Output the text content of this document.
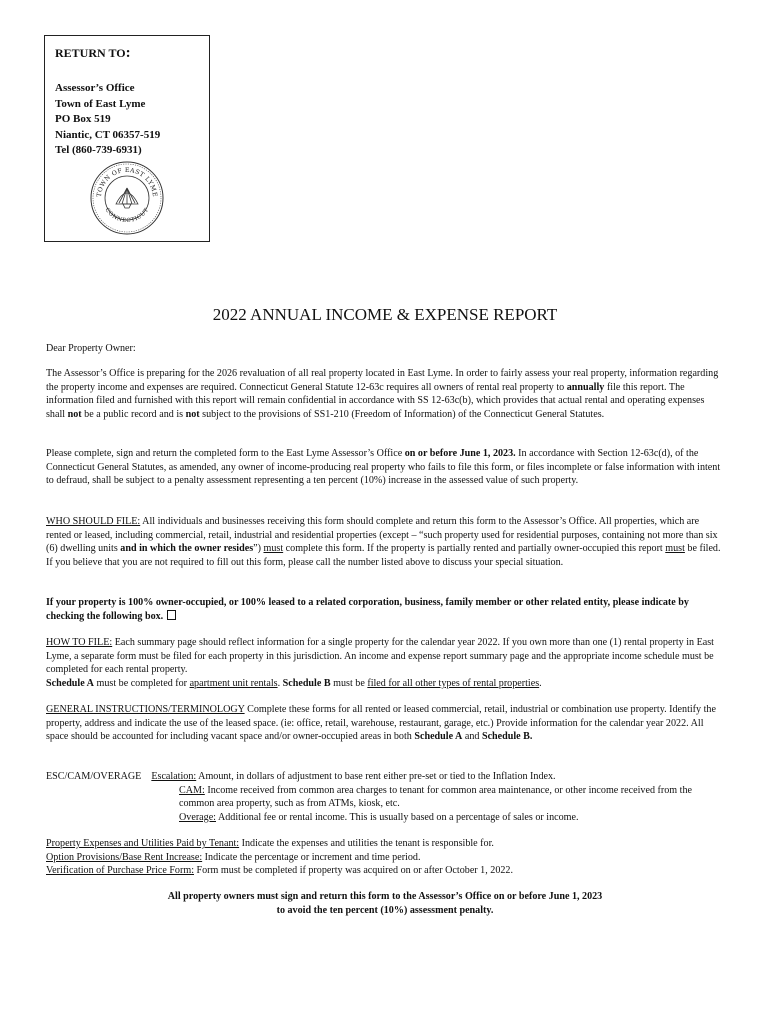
RETURN TO:
Assessor’s Office
Town of East Lyme
PO Box 519
Niantic, CT 06357-519
Tel (860-739-6931)
TOWN OF EAST LYME
CONNECTICUT
2022 ANNUAL INCOME & EXPENSE REPORT

Dear Property Owner:

The Assessor’s Office is preparing for the 2026 revaluation of all real property located in East Lyme. In order to fairly assess your real property, information regarding the property income and expenses are required. Connecticut General Statute 12-63c requires all owners of rental real property to annually file this report. The information filed and furnished with this report will remain confidential in accordance with SS 12-63c(b), which provides that actual rental and operating expenses shall not be a public record and is not subject to the provisions of SS1-210 (Freedom of Information) of the Connecticut General Statutes.

Please complete, sign and return the completed form to the East Lyme Assessor’s Office on or before June 1, 2023. In accordance with Section 12-63c(d), of the Connecticut General Statutes, as amended, any owner of income-producing real property who fails to file this form, or files incomplete or false information with intent to defraud, shall be subject to a penalty assessment representing a ten percent (10%) increase in the assessed value of such property.

WHO SHOULD FILE: All individuals and businesses receiving this form should complete and return this form to the Assessor’s Office. All properties, which are rented or leased, including commercial, retail, industrial and residential properties (except – “such property used for residential purposes, containing not more than six (6) dwelling units and in which the owner resides”) must complete this form. If the property is partially rented and partially owner-occupied this report must be filed. If you believe that you are not required to fill out this form, please call the number listed above to discuss your special situation.

If your property is 100% owner-occupied, or 100% leased to a related corporation, business, family member or other related entity, please indicate by checking the following box.

HOW TO FILE: Each summary page should reflect information for a single property for the calendar year 2022. If you own more than one (1) rental property in East Lyme, a separate form must be filed for each property in this jurisdiction. An income and expense report summary page and the appropriate income schedule must be completed for each rental property.
Schedule A must be completed for apartment unit rentals. Schedule B must be filed for all other types of rental properties.

GENERAL INSTRUCTIONS/TERMINOLOGY Complete these forms for all rented or leased commercial, retail, industrial or combination use property. Identify the property, address and indicate the use of the leased space. (ie: office, retail, warehouse, restaurant, garage, etc.) Provide information for the calendar year 2022. All space should be accounted for including vacant space and/or owner-occupied areas in both Schedule A and Schedule B.

ESC/CAM/OVERAGE Escalation: Amount, in dollars of adjustment to base rent either pre-set or tied to the Inflation Index.
CAM: Income received from common area charges to tenant for common area maintenance, or other income received from the common area property, such as from ATMs, kiosk, etc.
Overage: Additional fee or rental income. This is usually based on a percentage of sales or income.
Property Expenses and Utilities Paid by Tenant: Indicate the expenses and utilities the tenant is responsible for.
Option Provisions/Base Rent Increase: Indicate the percentage or increment and time period.
Verification of Purchase Price Form: Form must be completed if property was acquired on or after October 1, 2022.
All property owners must sign and return this form to the Assessor’s Office on or before June 1, 2023
to avoid the ten percent (10%) assessment penalty.
